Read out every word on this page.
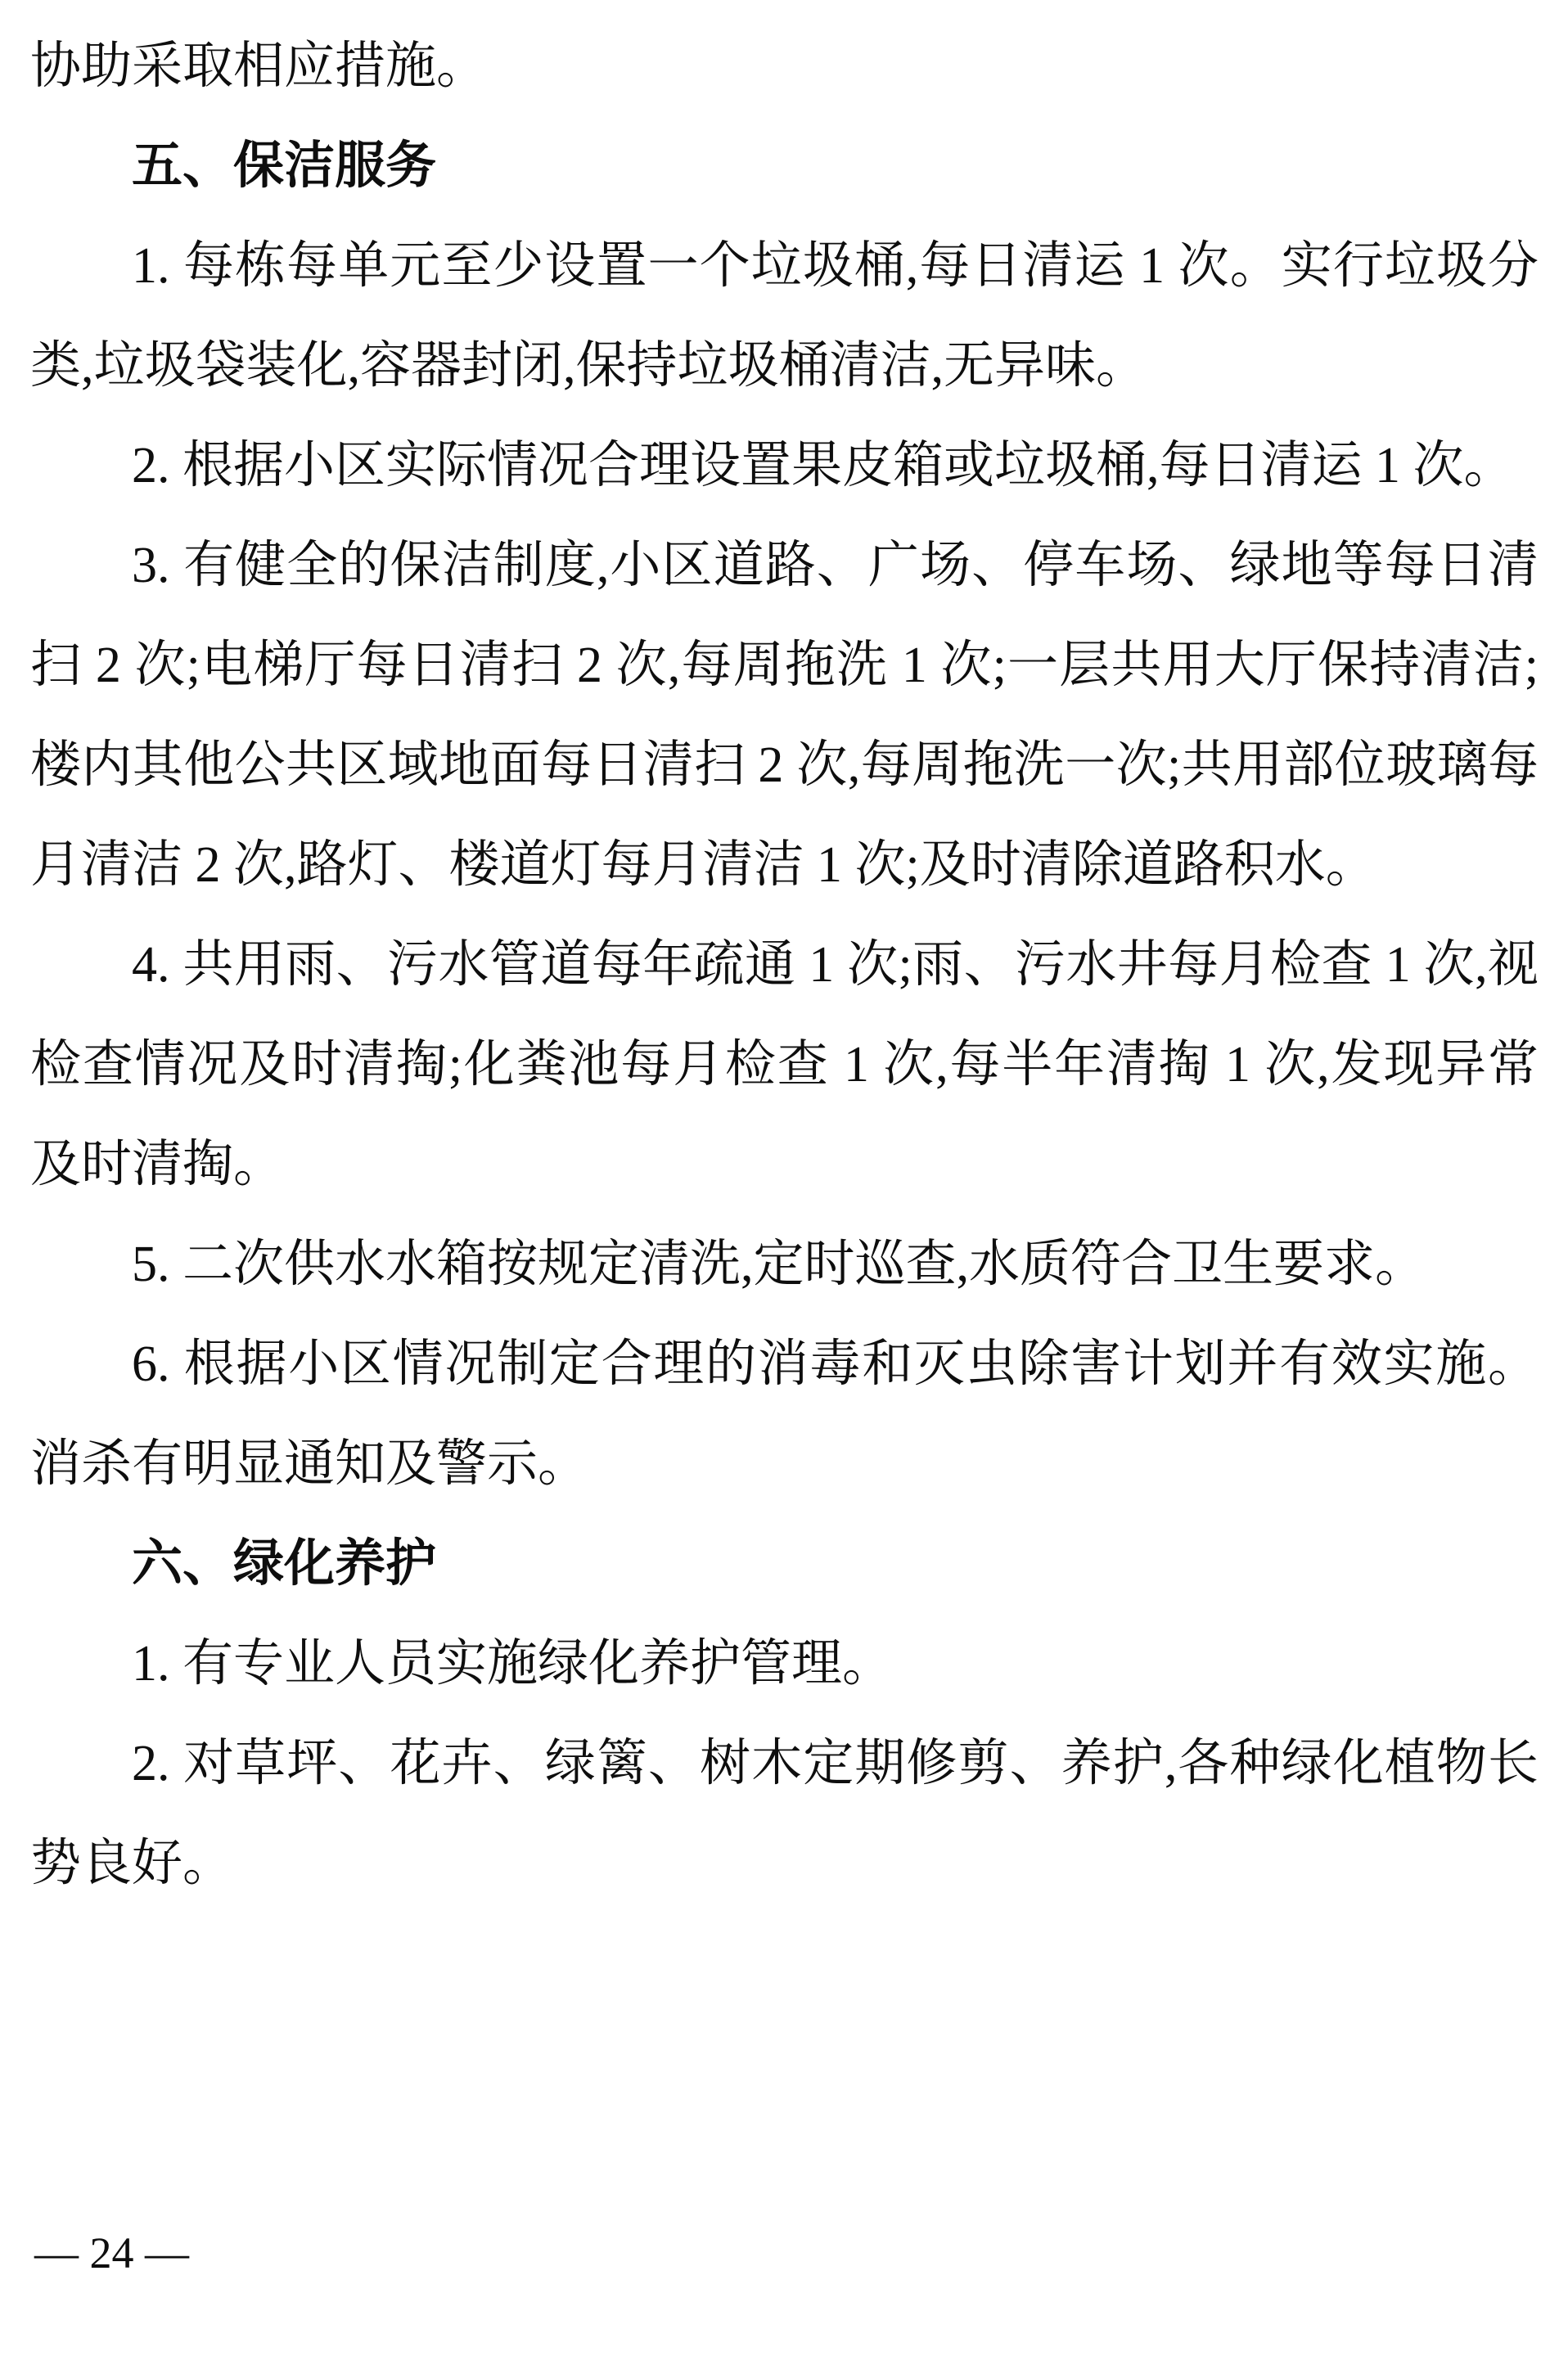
协助采取相应措施。

五、保洁服务

1. 每栋每单元至少设置一个垃圾桶,每日清运 1 次。实行垃圾分类,垃圾袋装化,容器封闭,保持垃圾桶清洁,无异味。

2. 根据小区实际情况合理设置果皮箱或垃圾桶,每日清运 1 次。

3. 有健全的保洁制度,小区道路、广场、停车场、绿地等每日清扫 2 次;电梯厅每日清扫 2 次,每周拖洗 1 次;一层共用大厅保持清洁;楼内其他公共区域地面每日清扫 2 次,每周拖洗一次;共用部位玻璃每月清洁 2 次,路灯、楼道灯每月清洁 1 次;及时清除道路积水。

4. 共用雨、污水管道每年疏通 1 次;雨、污水井每月检查 1 次,视检查情况及时清掏;化粪池每月检查 1 次,每半年清掏 1 次,发现异常及时清掏。

5. 二次供水水箱按规定清洗,定时巡查,水质符合卫生要求。

6. 根据小区情况制定合理的消毒和灭虫除害计划并有效实施。消杀有明显通知及警示。

六、绿化养护

1. 有专业人员实施绿化养护管理。

2. 对草坪、花卉、绿篱、树木定期修剪、养护,各种绿化植物长势良好。

— 24 —
